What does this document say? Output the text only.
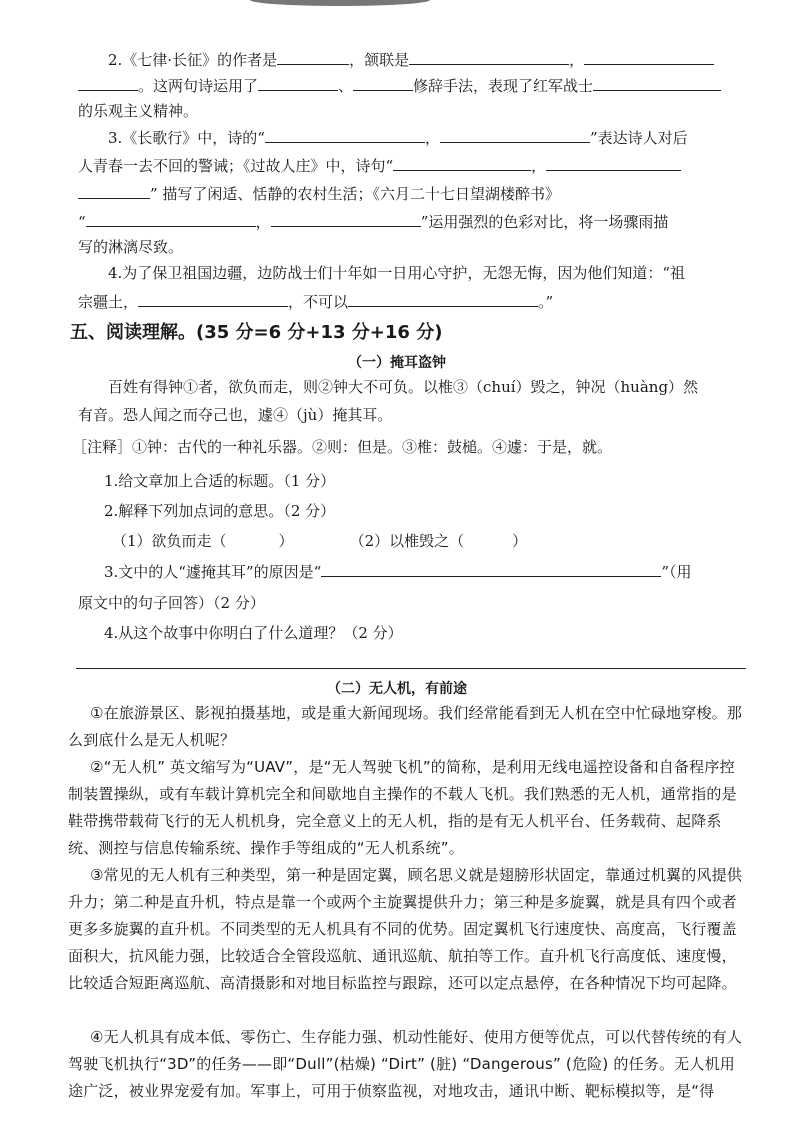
2.《七律·长征》的作者是	，颔联是	，
。这两句诗运用了	、	修辞手法，表现了红军战士
的乐观主义精神。
3.《长歌行》中，诗的“	，	”表达诗人对后
人青春一去不回的警诫；《过故人庄》中，诗句“	，
” 描写了闲适、恬静的农村生活；《六月二十七日望湖楼醉书》
“	，	”运用强烈的色彩对比，将一场骤雨描
写的淋漓尽致。
4.为了保卫祖国边疆，边防战士们十年如一日用心守护，无怨无悔，因为他们知道：“祖
宗疆土，	，不可以	。”
五、阅读理解。(35 分=6 分+13 分+16 分)
（一）掩耳盗钟
百姓有得钟①者，欲负而走，则②钟大不可负。以椎③（chuí）毁之，钟况（huàng）然
有音。恐人闻之而夺己也，遽④（jù）掩其耳。
［注释］①钟：古代的一种礼乐器。②则：但是。③椎：鼓槌。④遽：于是，就。
1.给文章加上合适的标题。（1 分）
2.解释下列加点词的意思。（2 分）
（1）欲负而走（	）	（2）以椎毁之（	）
3.文中的人“遽掩其耳”的原因是“	”（用
原文中的句子回答）（2 分）
4.从这个故事中你明白了什么道理？（2 分）
（二）无人机，有前途
①在旅游景区、影视拍摄基地，或是重大新闻现场。我们经常能看到无人机在空中忙碌地穿梭。那么到底什么是无人机呢？
②“无人机” 英文缩写为“UAV”，是“无人驾驶飞机”的简称，是利用无线电遥控设备和自备程序控制装置操纵，或有车载计算机完全和间歇地自主操作的不载人飞机。我们熟悉的无人机，通常指的是鞋带携带载荷飞行的无人机机身，完全意义上的无人机，指的是有无人机平台、任务载荷、起降系统、测控与信息传输系统、操作手等组成的“无人机系统”。
③常见的无人机有三种类型，第一种是固定翼，顾名思义就是翅膀形状固定，靠通过机翼的风提供升力；第二种是直升机，特点是靠一个或两个主旋翼提供升力；第三种是多旋翼，就是具有四个或者更多多旋翼的直升机。不同类型的无人机具有不同的优势。固定翼机飞行速度快、高度高，飞行覆盖面积大，抗风能力强，比较适合全管段巡航、通讯巡航、航拍等工作。直升机飞行高度低、速度慢，比较适合短距离巡航、高清摄影和对地目标监控与跟踪，还可以定点悬停，在各种情况下均可起降。
④无人机具有成本低、零伤亡、生存能力强、机动性能好、使用方便等优点，可以代替传统的有人驾驶飞机执行“3D”的任务——即“Dull”(枯燥) “Dirt” (脏) “Dangerous” (危险) 的任务。无人机用途广泛，被业界宠爱有加。军事上，可用于侦察监视，对地攻击，通讯中断、靶标模拟等，是“得
